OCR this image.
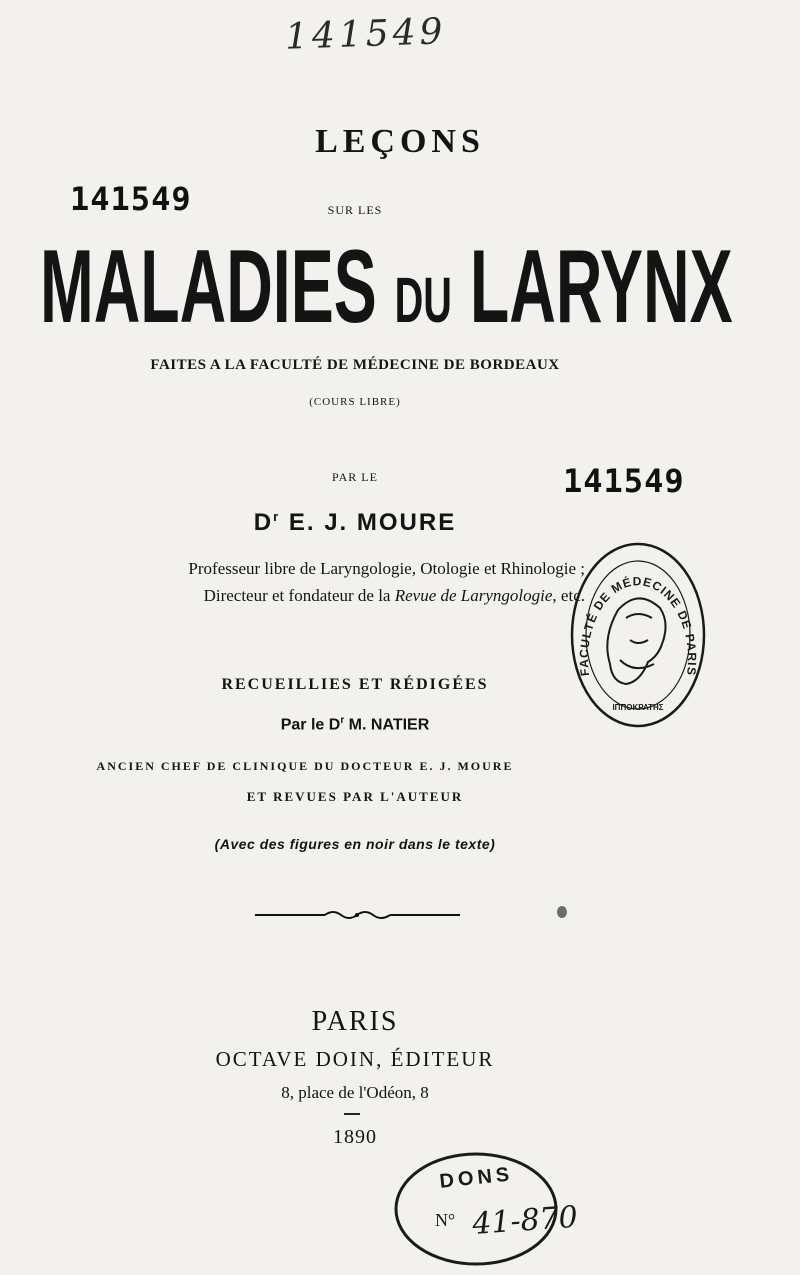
141549
141549
LEÇONS
SUR LES
MALADIES DU LARYNX
FAITES A LA FACULTÉ DE MÉDECINE DE BORDEAUX
(COURS LIBRE)
PAR LE	141549
$D^r$ E. J. MOURE
Professeur libre de Laryngologie, Otologie et Rhinologie ;
Directeur et fondateur de la Revue de Laryngologie, etc.
FACULTÉ DE MÉDECINE DE PARIS
ΙΠΠΟΚΡΑΤΗΣ
RECUEILLIES ET RÉDIGÉES
Par le $D^r$ M. NATIER
ANCIEN CHEF DE CLINIQUE DU DOCTEUR E. J. MOURE
ET REVUES PAR L'AUTEUR
(Avec des figures en noir dans le texte)
PARIS
OCTAVE DOIN, ÉDITEUR
8, place de l'Odéon, 8
1890
DONS
N° 41-870
